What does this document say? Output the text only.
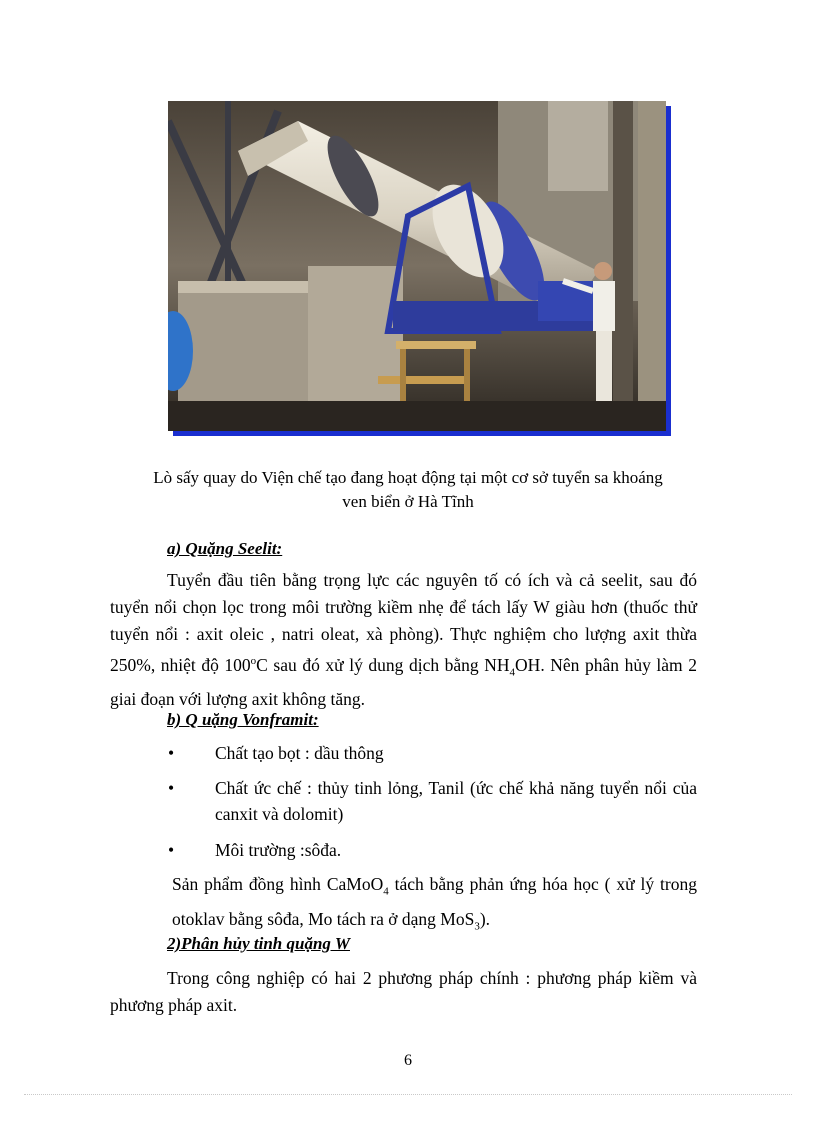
Lò sấy quay do Viện chế tạo đang hoạt động tại một cơ sở tuyển sa khoáng
ven biển ở Hà Tĩnh
a) Quặng Seelit:
Tuyển đầu tiên bằng trọng lực các nguyên tố có ích và cả seelit, sau đó tuyển nổi chọn lọc trong môi trường kiềm nhẹ để tách lấy W giàu hơn (thuốc thử tuyển nổi : axit oleic , natri oleat, xà phòng). Thực nghiệm cho lượng axit thừa 250%, nhiệt độ 100$^o$C sau đó xử lý dung dịch bằng $NH_4OH$. Nên phân hủy làm 2 giai đoạn với lượng axit không tăng.
b) Q uặng Vonframit:
• Chất tạo bọt : dầu thông
• Chất ức chế : thủy tinh lỏng, Tanil (ức chế khả năng tuyển nổi của canxit và dolomit)
• Môi trường :sôđa.
Sản phẩm đồng hình CaMoO$_4$ tách bằng phản ứng hóa học ( xử lý trong otoklav bằng sôđa, Mo tách ra ở dạng MoS$_3$).
2)Phân hủy tinh quặng W
Trong công nghiệp có hai 2 phương pháp chính : phương pháp kiềm và phương pháp axit.
6
